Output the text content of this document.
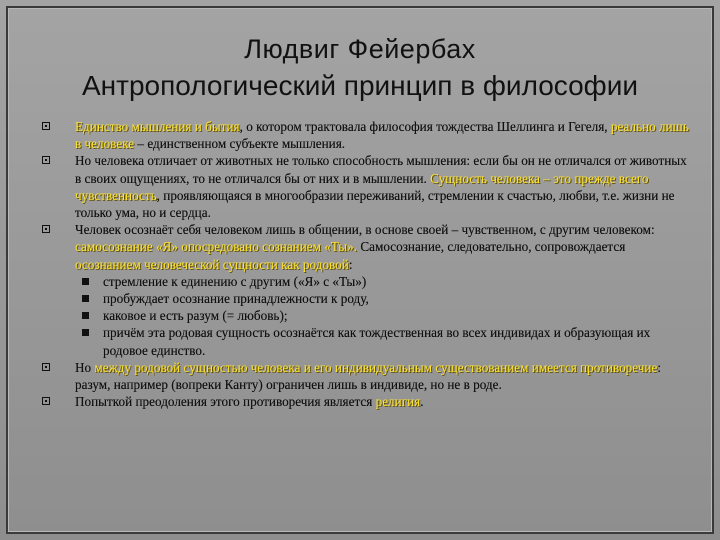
Людвиг Фейербах
Антропологический принцип в философии
Единство мышления и бытия, о котором трактовала философия тождества Шеллинга и Гегеля, реально лишь в человеке – единственном субъекте мышления.
Но человека отличает от животных не только способность мышления: если бы он не отличался от животных в своих ощущениях, то не отличался бы от них и в мышлении. Сущность человека – это прежде всего чувственность, проявляющаяся в многообразии переживаний, стремлении к счастью, любви, т.е. жизни не только ума, но и сердца.
Человек осознаёт себя человеком лишь в общении, в основе своей – чувственном, с другим человеком: самосознание «Я» опосредовано сознанием «Ты». Самосознание, следовательно, сопровождается осознанием человеческой сущности как родовой:
стремление к единению с другим («Я» с «Ты»)
пробуждает осознание принадлежности к роду,
каковое и есть разум (= любовь);
причём эта родовая сущность осознаётся как тождественная во всех индивидах и образующая их родовое единство.
Но между родовой сущностью человека и его индивидуальным существованием имеется противоречие: разум, например (вопреки Канту) ограничен лишь в индивиде, но не в роде.
Попыткой преодоления этого противоречия является религия.
